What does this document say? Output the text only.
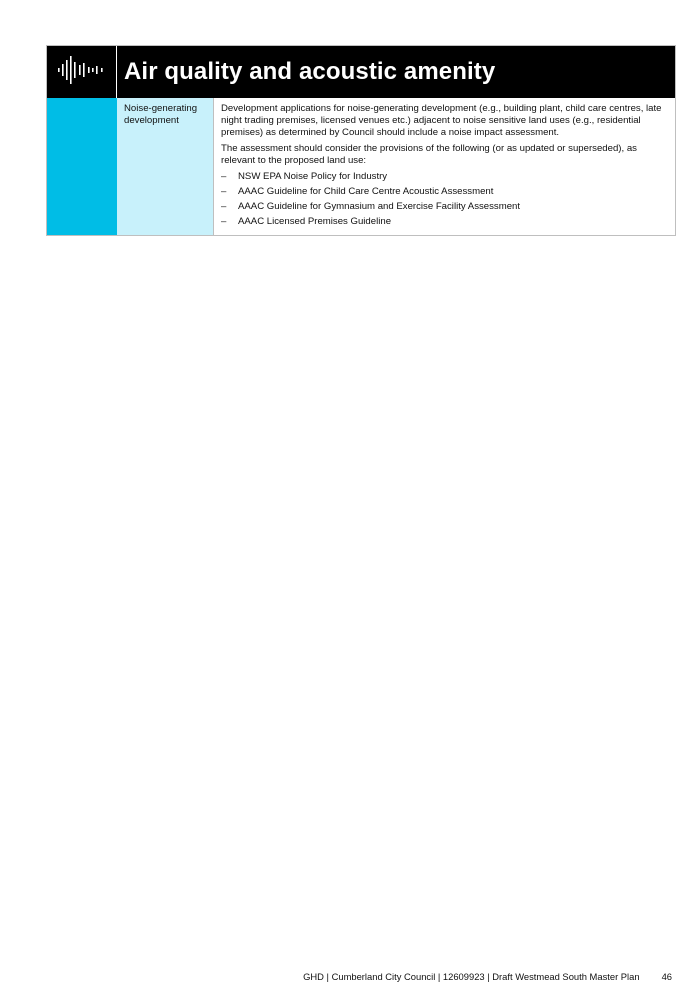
Air quality and acoustic amenity
Noise-generating development

Development applications for noise-generating development (e.g., building plant, child care centres, late night trading premises, licensed venues etc.) adjacent to noise sensitive land uses (e.g., residential premises) as determined by Council should include a noise impact assessment.

The assessment should consider the provisions of the following (or as updated or superseded), as relevant to the proposed land use:

–	NSW EPA Noise Policy for Industry
–	AAAC Guideline for Child Care Centre Acoustic Assessment
–	AAAC Guideline for Gymnasium and Exercise Facility Assessment
–	AAAC Licensed Premises Guideline
GHD | Cumberland City Council | 12609923 | Draft Westmead South Master Plan 46
